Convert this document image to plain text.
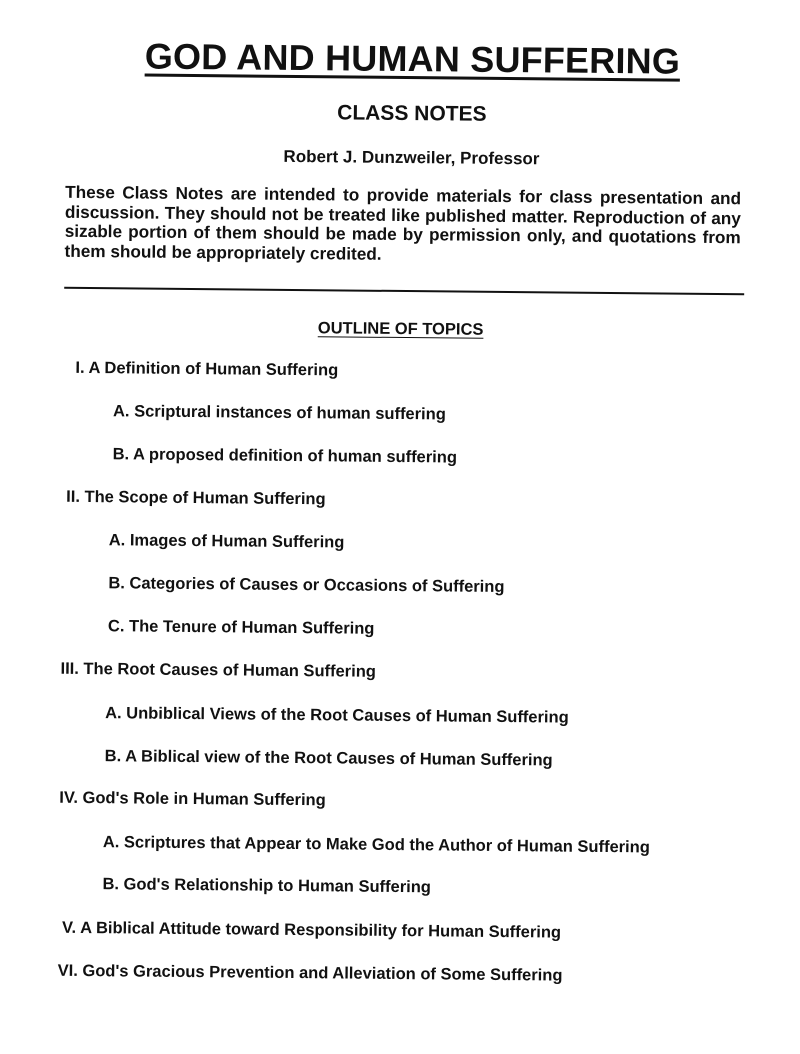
GOD AND HUMAN SUFFERING
CLASS NOTES
Robert J. Dunzweiler, Professor
These Class Notes are intended to provide materials for class presentation and discussion. They should not be treated like published matter. Reproduction of any sizable portion of them should be made by permission only, and quotations from them should be appropriately credited.
OUTLINE OF TOPICS
I. A Definition of Human Suffering
A. Scriptural instances of human suffering
B. A proposed definition of human suffering
II. The Scope of Human Suffering
A. Images of Human Suffering
B. Categories of Causes or Occasions of Suffering
C. The Tenure of Human Suffering
III. The Root Causes of Human Suffering
A. Unbiblical Views of the Root Causes of Human Suffering
B. A Biblical view of the Root Causes of Human Suffering
IV. God's Role in Human Suffering
A. Scriptures that Appear to Make God the Author of Human Suffering
B. God's Relationship to Human Suffering
V. A Biblical Attitude toward Responsibility for Human Suffering
VI. God's Gracious Prevention and Alleviation of Some Suffering
